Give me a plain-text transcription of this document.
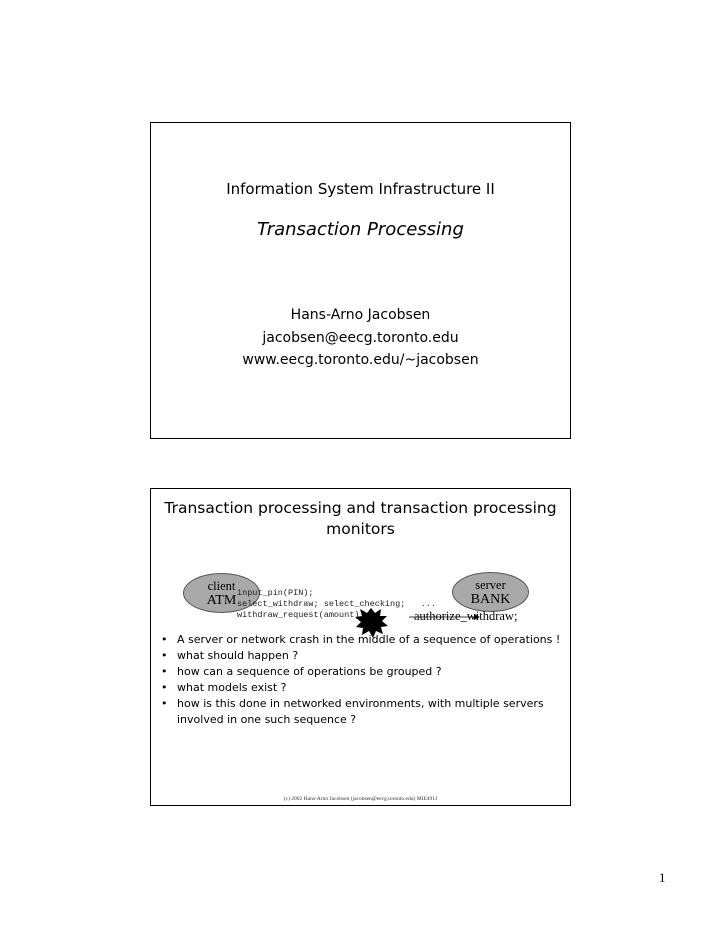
Information System Infrastructure II
Transaction Processing
Hans-Arno Jacobsen
jacobsen@eecg.toronto.edu
www.eecg.toronto.edu/~jacobsen
Transaction processing and transaction processing monitors
client
ATM
server
BANK
input_pin(PIN);
select_withdraw; select_checking;   ...
withdraw_request(amount);	authorize_withdraw;
• A server or network crash in the middle of a sequence of operations !
• what should happen ?
• how can a sequence of operations be grouped ?
• what models exist ?
• how is this done in networked environments, with multiple servers involved in one such sequence ?
(c) 2002 Hans-Arno Jacobsen (jacobsen@eecg.toronto.edu) MIE491J
1
